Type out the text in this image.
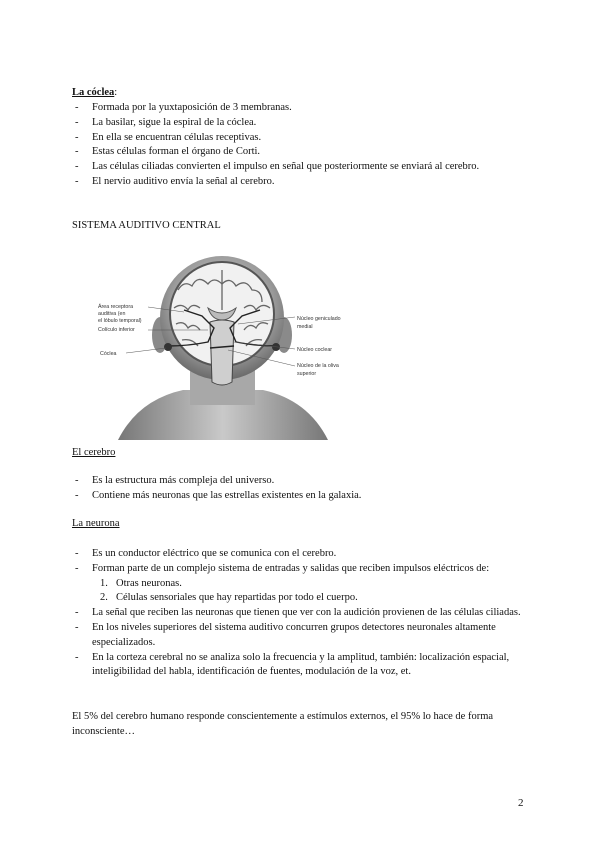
La cóclea:
- Formada por la yuxtaposición de 3 membranas.
- La basilar, sigue la espiral de la cóclea.
- En ella se encuentran células receptivas.
- Estas células forman el órgano de Corti.
- Las células ciliadas convierten el impulso en señal que posteriormente se enviará al cerebro.
- El nervio auditivo envía la señal al cerebro.
SISTEMA AUDITIVO CENTRAL
Área receptora
auditiva (en
el lóbulo temporal)
Colículo inferior
Cóclea
Núcleo geniculado
medial
Núcleo coclear
Núcleo de la oliva
superior
El cerebro
- Es la estructura más compleja del universo.
- Contiene más neuronas que las estrellas existentes en la galaxia.
La neurona
- Es un conductor eléctrico que se comunica con el cerebro.
- Forman parte de un complejo sistema de entradas y salidas que reciben impulsos eléctricos de:
1. Otras neuronas.
2. Células sensoriales que hay repartidas por todo el cuerpo.
- La señal que reciben las neuronas que tienen que ver con la audición provienen de las células ciliadas.
- En los niveles superiores del sistema auditivo concurren grupos detectores neuronales altamente especializados.
- En la corteza cerebral no se analiza solo la frecuencia y la amplitud, también: localización espacial, inteligibilidad del habla, identificación de fuentes, modulación de la voz, et.
El 5% del cerebro humano responde conscientemente a estímulos externos, el 95% lo hace de forma inconsciente…
2
